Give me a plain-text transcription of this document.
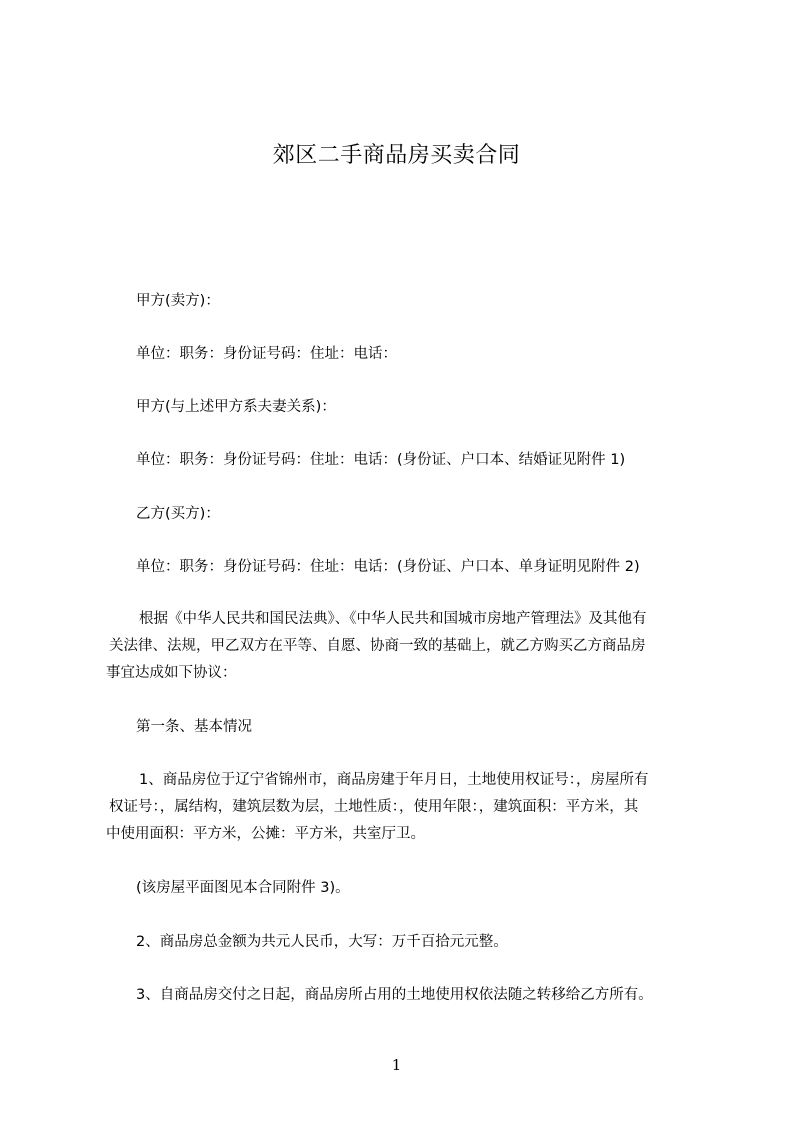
郊区二手商品房买卖合同
甲方(卖方)：
单位：职务：身份证号码：住址：电话：
甲方(与上述甲方系夫妻关系)：
单位：职务：身份证号码：住址：电话：(身份证、户口本、结婚证见附件 1)
乙方(买方)：
单位：职务：身份证号码：住址：电话：(身份证、户口本、单身证明见附件 2)
根据《中华人民共和国民法典》、《中华人民共和国城市房地产管理法》及其他有
关法律、法规，甲乙双方在平等、自愿、协商一致的基础上，就乙方购买乙方商品房
事宜达成如下协议：
第一条、基本情况
1、商品房位于辽宁省锦州市，商品房建于年月日，土地使用权证号：，房屋所有
权证号：，属结构，建筑层数为层，土地性质：，使用年限：，建筑面积：平方米，其
中使用面积：平方米，公摊：平方米，共室厅卫。
(该房屋平面图见本合同附件 3)。
2、商品房总金额为共元人民币，大写：万千百拾元元整。
3、自商品房交付之日起，商品房所占用的土地使用权依法随之转移给乙方所有。
1
